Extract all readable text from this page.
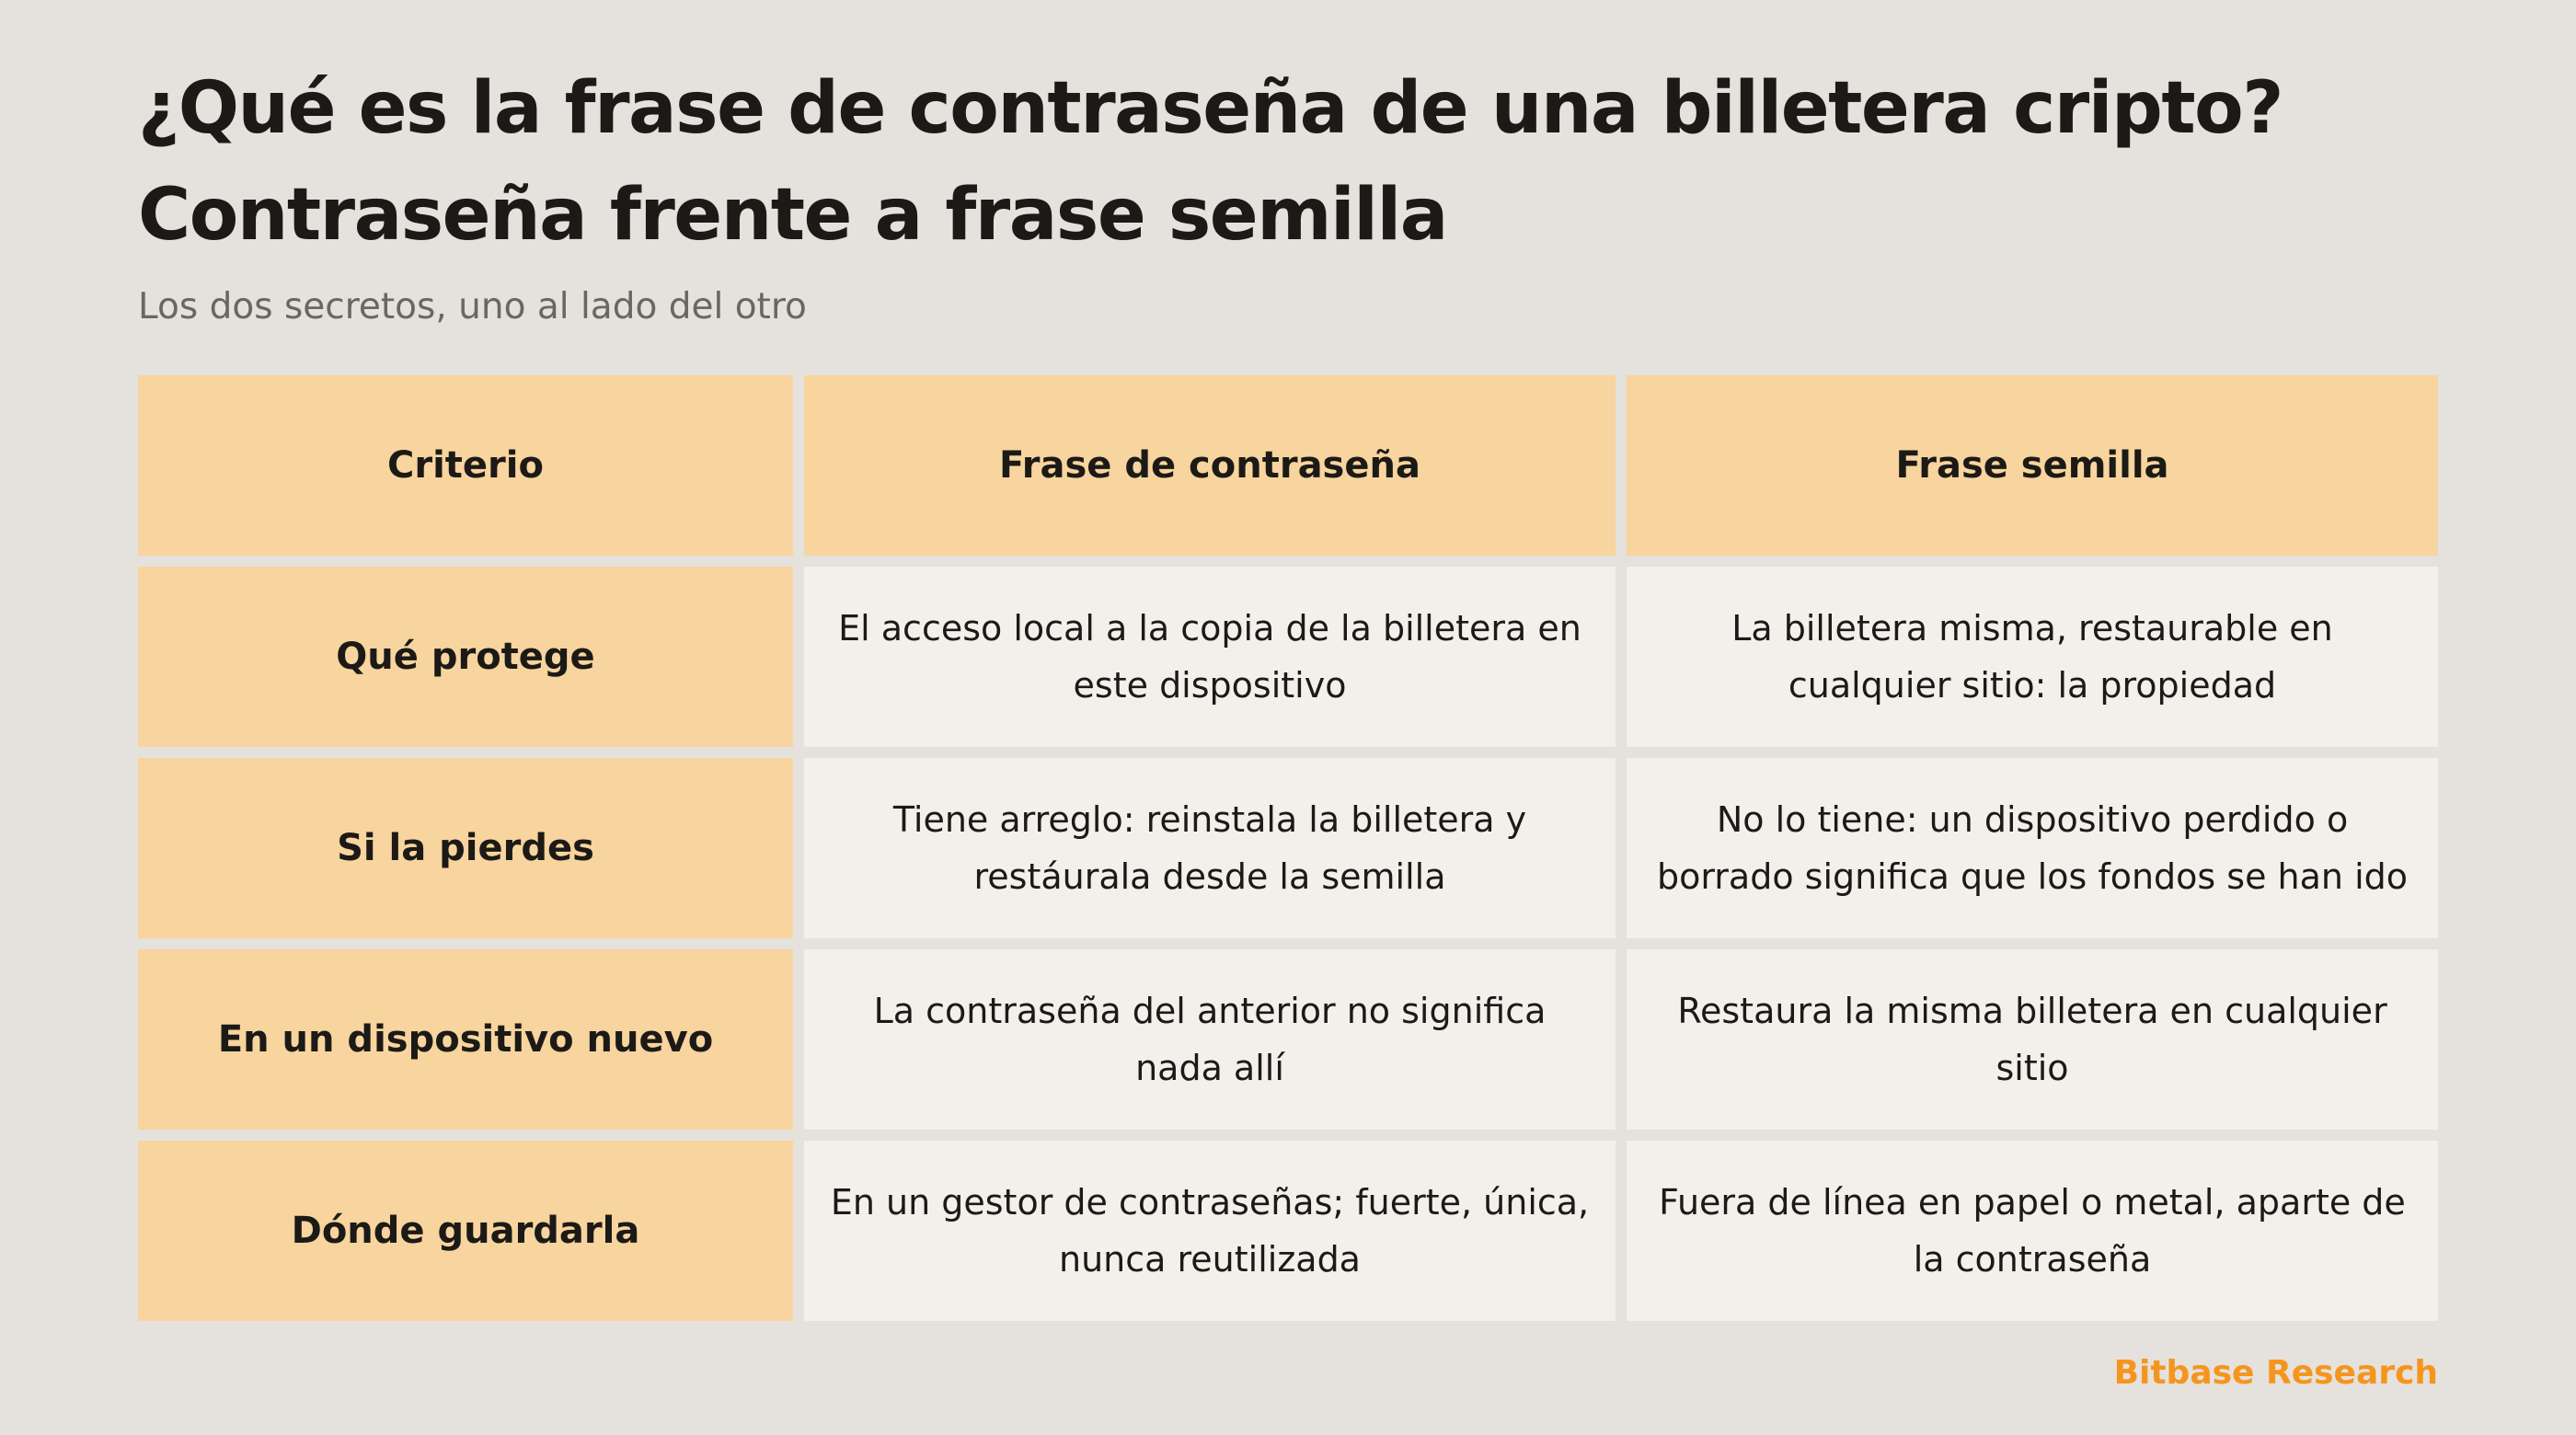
¿Qué es la frase de contraseña de una billetera cripto?
Contraseña frente a frase semilla
Los dos secretos, uno al lado del otro
Criterio	Frase de contraseña	Frase semilla
Qué protege
El acceso local a la copia de la billetera en este dispositivo
La billetera misma, restaurable en cualquier sitio: la propiedad
Si la pierdes
Tiene arreglo: reinstala la billetera y restáurala desde la semilla
No lo tiene: un dispositivo perdido o borrado significa que los fondos se han ido
En un dispositivo nuevo
La contraseña del anterior no significa nada allí
Restaura la misma billetera en cualquier sitio
Dónde guardarla
En un gestor de contraseñas; fuerte, única, nunca reutilizada
Fuera de línea en papel o metal, aparte de la contraseña
Bitbase Research
